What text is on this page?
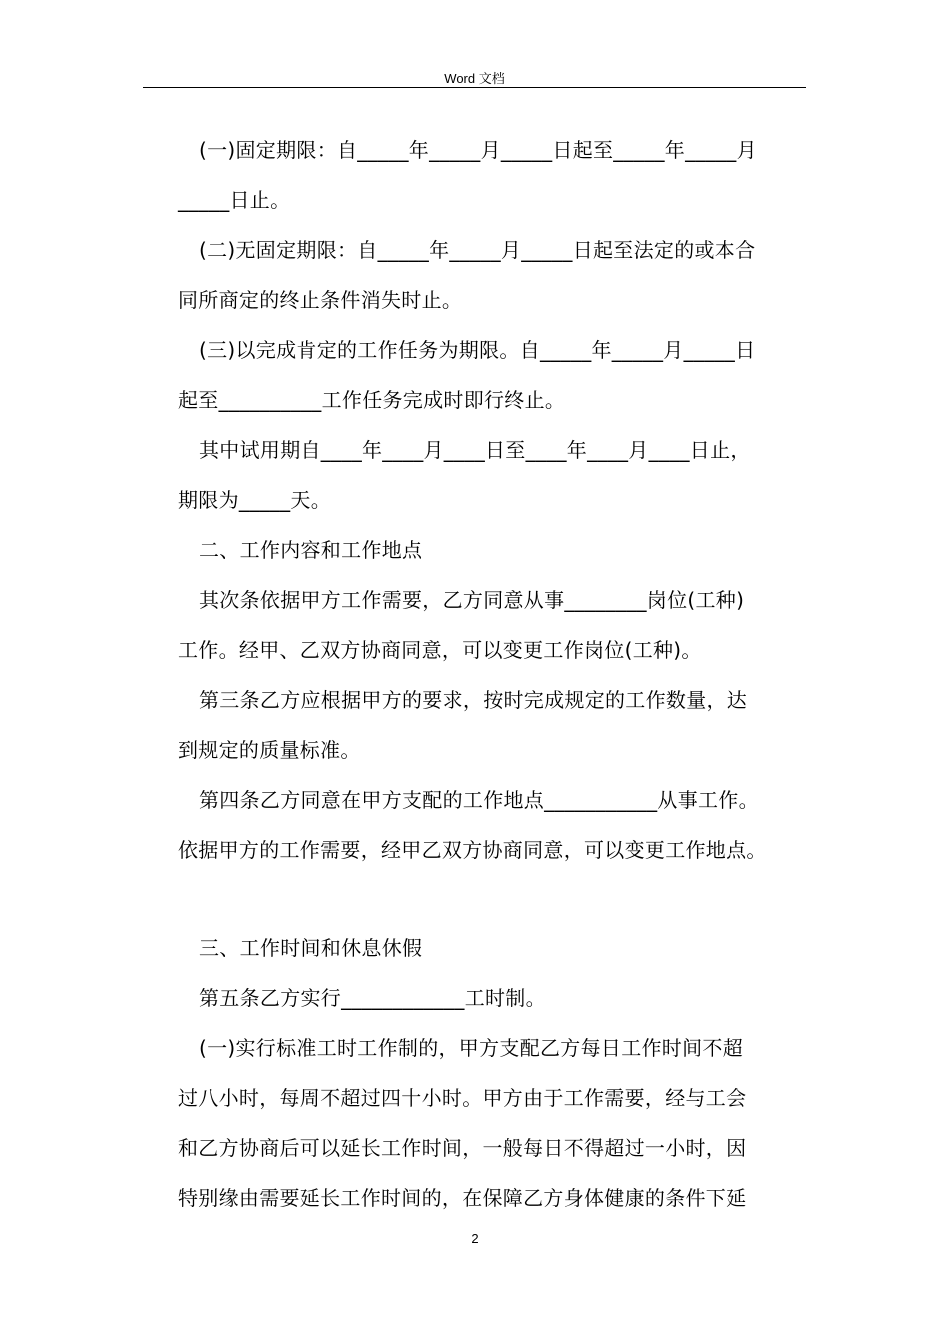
Word 文档
(一)固定期限：自_____年_____月_____日起至_____年_____月
_____日止。
(二)无固定期限：自_____年_____月_____日起至法定的或本合
同所商定的终止条件消失时止。
(三)以完成肯定的工作任务为期限。自_____年_____月_____日
起至__________工作任务完成时即行终止。
其中试用期自____年____月____日至____年____月____日止，
期限为_____天。
二、工作内容和工作地点
其次条依据甲方工作需要，乙方同意从事________岗位(工种)
工作。经甲、乙双方协商同意，可以变更工作岗位(工种)。
第三条乙方应根据甲方的要求，按时完成规定的工作数量，达
到规定的质量标准。
第四条乙方同意在甲方支配的工作地点___________从事工作。
依据甲方的工作需要，经甲乙双方协商同意，可以变更工作地点。
三、工作时间和休息休假
第五条乙方实行____________工时制。
(一)实行标准工时工作制的，甲方支配乙方每日工作时间不超
过八小时，每周不超过四十小时。甲方由于工作需要，经与工会
和乙方协商后可以延长工作时间，一般每日不得超过一小时，因
特别缘由需要延长工作时间的，在保障乙方身体健康的条件下延
2
